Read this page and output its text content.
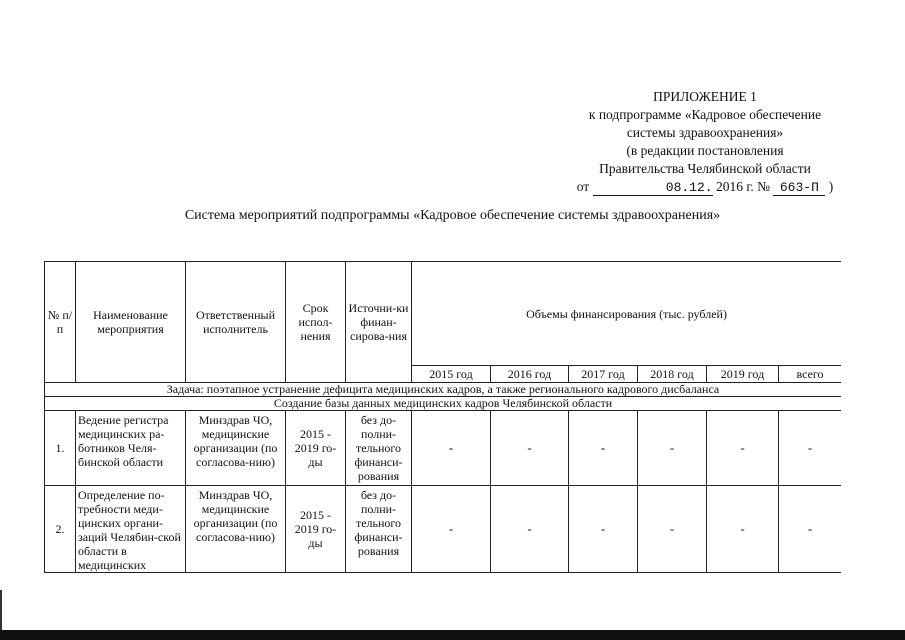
ПРИЛОЖЕНИЕ 1
к подпрограмме «Кадровое обеспечение
системы здравоохранения»
(в редакции постановления
Правительства Челябинской области
от	08.12. 2016 г. № 663-П )
Система мероприятий подпрограммы «Кадровое обеспечение системы здравоохранения»
№ п/п	Наименование мероприятия	Ответственный исполнитель	Срок испол-нения	Источни-ки финан-сирова-ния	Объемы финансирования (тыс. рублей)					
					2015 год	2016 год	2017 год	2018 год	2019 год	всего
Задача: поэтапное устранение дефицита медицинских кадров, а также регионального кадрового дисбаланса										
Создание базы данных медицинских кадров Челябинской области										
1.	Ведение регистра медицинских ра-ботников Челя-бинской области	Минздрав ЧО, медицинские организации (по согласова-нию)	2015 - 2019 го-ды	без до-полни-тельного финанси-рования	-	-	-	-	-	-
2.	Определение по-требности меди-цинских органи-заций Челябин-ской области в медицинских	Минздрав ЧО, медицинские организации (по согласова-нию)	2015 - 2019 го-ды	без до-полни-тельного финанси-рования	-	-	-	-	-	-
